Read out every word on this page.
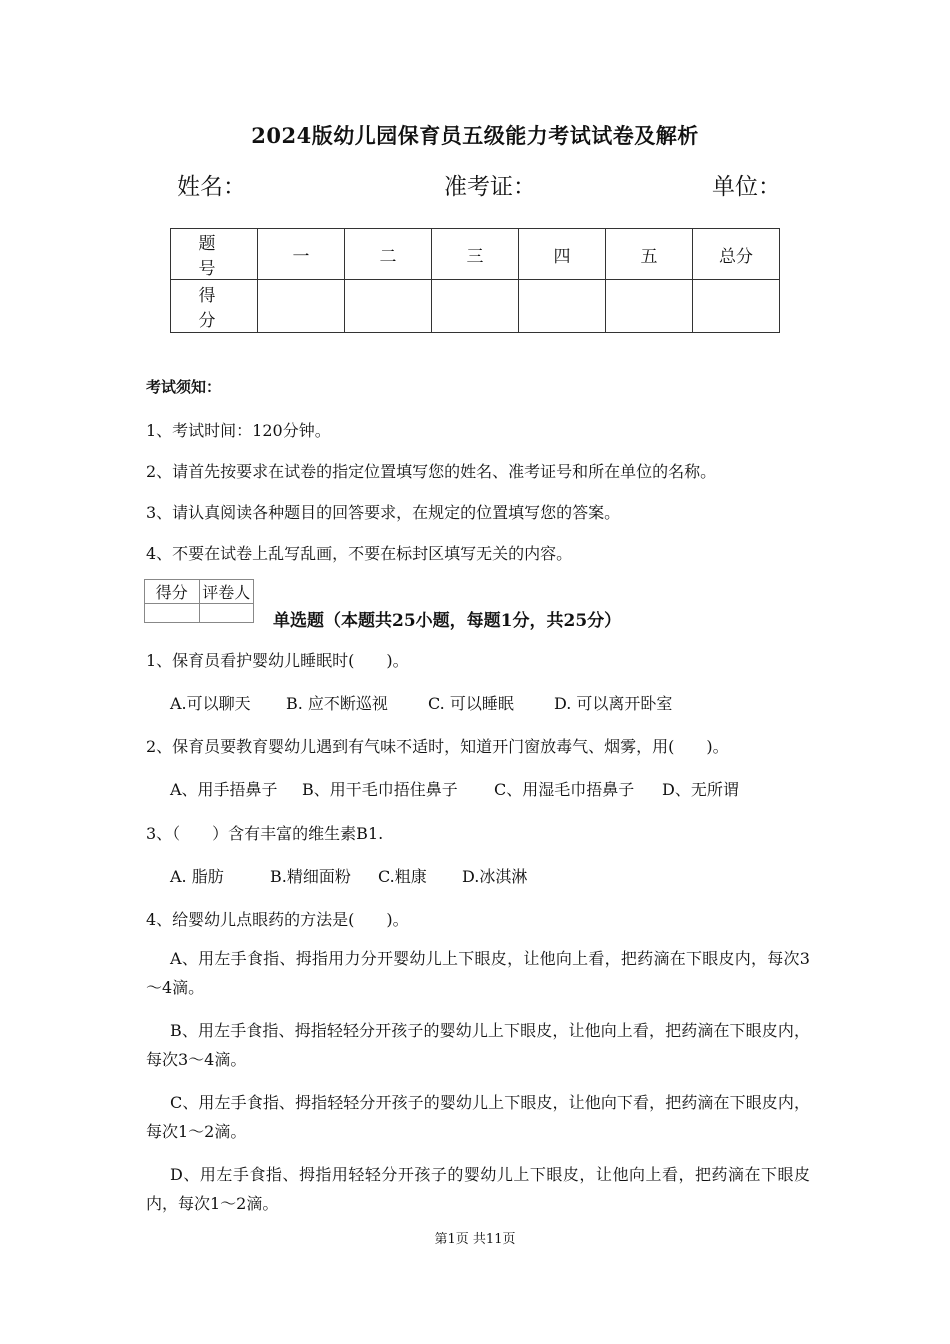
2024版幼儿园保育员五级能力考试试卷及解析
姓名：	准考证：	单位：
题　号	一	二	三	四	五	总分
得　分						
考试须知：
1、考试时间：120分钟。
2、请首先按要求在试卷的指定位置填写您的姓名、准考证号和所在单位的名称。
3、请认真阅读各种题目的回答要求，在规定的位置填写您的答案。
4、不要在试卷上乱写乱画，不要在标封区填写无关的内容。
得分	评卷人

单选题（本题共25小题，每题1分，共25分）
1、保育员看护婴幼儿睡眠时(　　)。
A.可以聊天 B. 应不断巡视	C. 可以睡眠	D. 可以离开卧室
2、保育员要教育婴幼儿遇到有气味不适时，知道开门窗放毒气、烟雾，用(　　)。
A、用手捂鼻子 B、用干毛巾捂住鼻子 C、用湿毛巾捂鼻子 D、无所谓
3、（　　）含有丰富的维生素B1.
A. 脂肪	B.精细面粉 C.粗康 D.冰淇淋
4、给婴幼儿点眼药的方法是(　　)。
A、用左手食指、拇指用力分开婴幼儿上下眼皮，让他向上看，把药滴在下眼皮内，每次3～4滴。
B、用左手食指、拇指轻轻分开孩子的婴幼儿上下眼皮，让他向上看，把药滴在下眼皮内，每次3～4滴。
C、用左手食指、拇指轻轻分开孩子的婴幼儿上下眼皮，让他向下看，把药滴在下眼皮内，每次1～2滴。
D、用左手食指、拇指用轻轻分开孩子的婴幼儿上下眼皮，让他向上看，把药滴在下眼皮内，每次1～2滴。
第1页 共11页
